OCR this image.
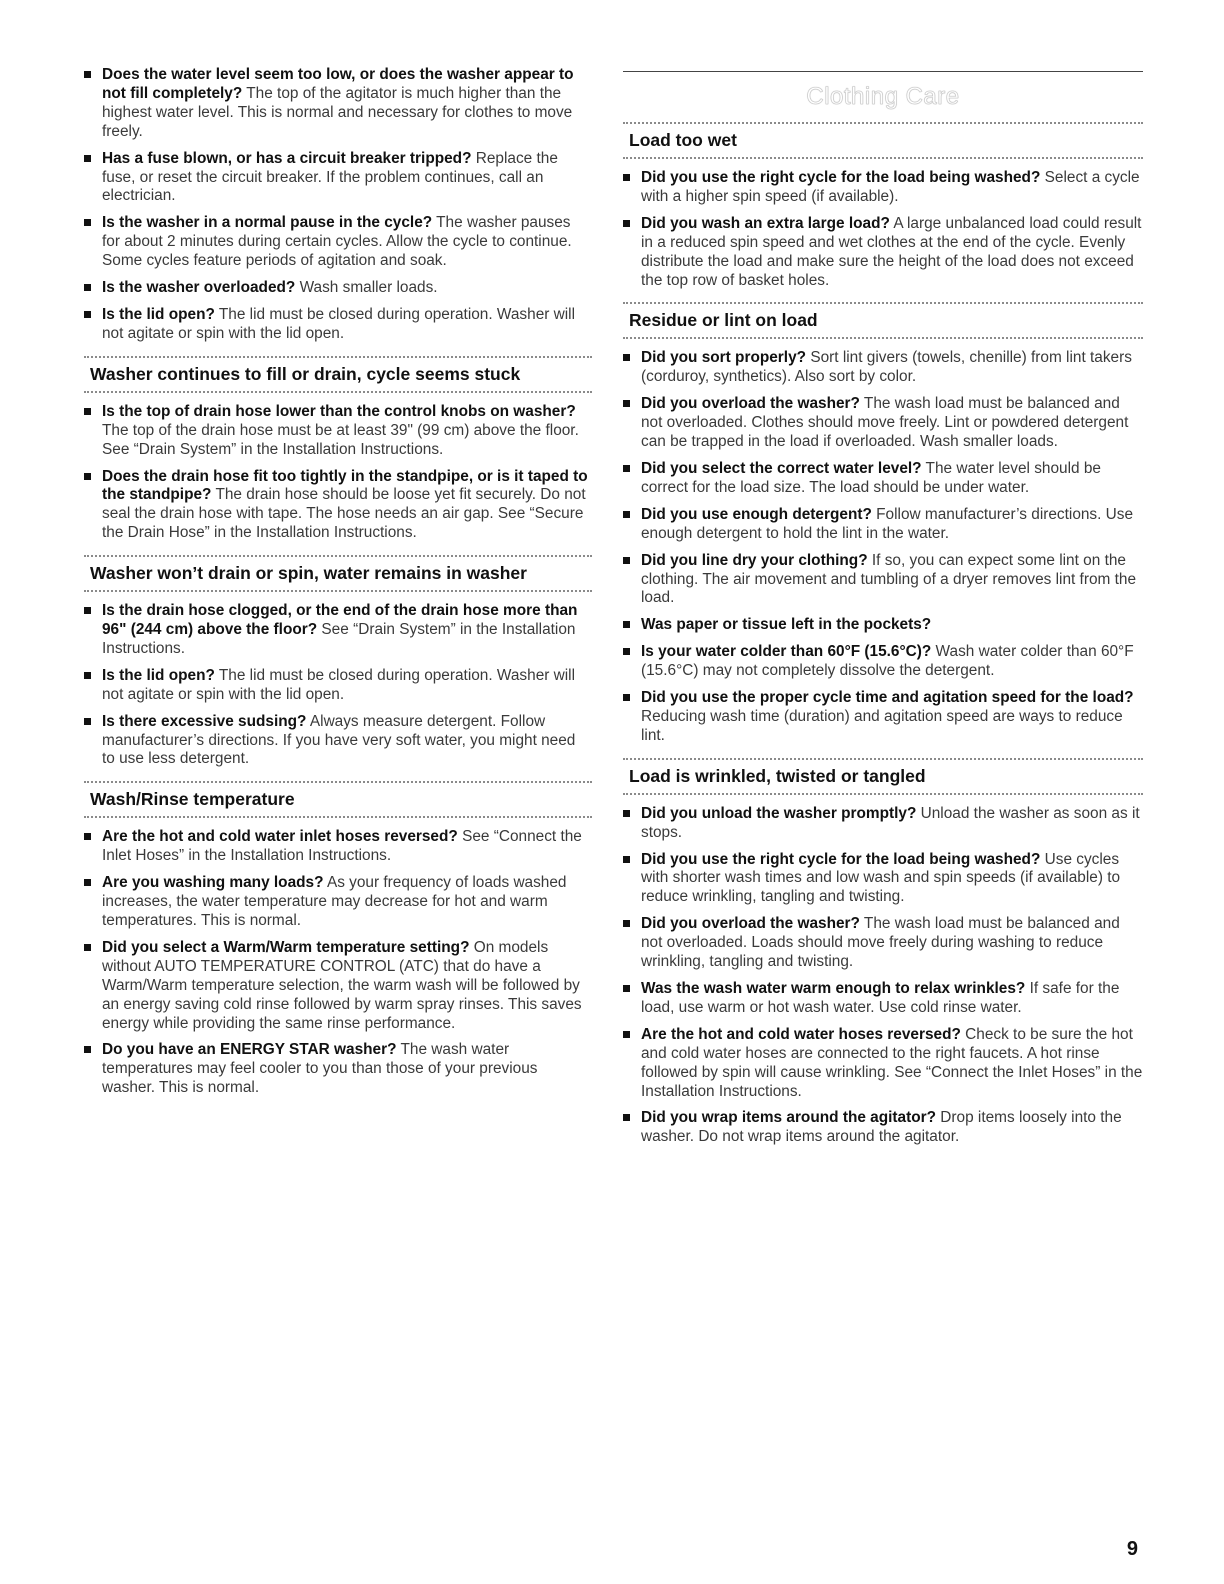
Does the water level seem too low, or does the washer appear to not fill completely? The top of the agitator is much higher than the highest water level. This is normal and necessary for clothes to move freely.
Has a fuse blown, or has a circuit breaker tripped? Replace the fuse, or reset the circuit breaker. If the problem continues, call an electrician.
Is the washer in a normal pause in the cycle? The washer pauses for about 2 minutes during certain cycles. Allow the cycle to continue. Some cycles feature periods of agitation and soak.
Is the washer overloaded? Wash smaller loads.
Is the lid open? The lid must be closed during operation. Washer will not agitate or spin with the lid open.
Washer continues to fill or drain, cycle seems stuck
Is the top of drain hose lower than the control knobs on washer? The top of the drain hose must be at least 39" (99 cm) above the floor. See “Drain System” in the Installation Instructions.
Does the drain hose fit too tightly in the standpipe, or is it taped to the standpipe? The drain hose should be loose yet fit securely. Do not seal the drain hose with tape. The hose needs an air gap. See “Secure the Drain Hose” in the Installation Instructions.
Washer won’t drain or spin, water remains in washer
Is the drain hose clogged, or the end of the drain hose more than 96" (244 cm) above the floor? See “Drain System” in the Installation Instructions.
Is the lid open? The lid must be closed during operation. Washer will not agitate or spin with the lid open.
Is there excessive sudsing? Always measure detergent. Follow manufacturer’s directions. If you have very soft water, you might need to use less detergent.
Wash/Rinse temperature
Are the hot and cold water inlet hoses reversed? See “Connect the Inlet Hoses” in the Installation Instructions.
Are you washing many loads? As your frequency of loads washed increases, the water temperature may decrease for hot and warm temperatures. This is normal.
Did you select a Warm/Warm temperature setting? On models without AUTO TEMPERATURE CONTROL (ATC) that do have a Warm/Warm temperature selection, the warm wash will be followed by an energy saving cold rinse followed by warm spray rinses. This saves energy while providing the same rinse performance.
Do you have an ENERGY STAR washer? The wash water temperatures may feel cooler to you than those of your previous washer. This is normal.
Clothing Care
Load too wet
Did you use the right cycle for the load being washed? Select a cycle with a higher spin speed (if available).
Did you wash an extra large load? A large unbalanced load could result in a reduced spin speed and wet clothes at the end of the cycle. Evenly distribute the load and make sure the height of the load does not exceed the top row of basket holes.
Residue or lint on load
Did you sort properly? Sort lint givers (towels, chenille) from lint takers (corduroy, synthetics). Also sort by color.
Did you overload the washer? The wash load must be balanced and not overloaded. Clothes should move freely. Lint or powdered detergent can be trapped in the load if overloaded. Wash smaller loads.
Did you select the correct water level? The water level should be correct for the load size. The load should be under water.
Did you use enough detergent? Follow manufacturer’s directions. Use enough detergent to hold the lint in the water.
Did you line dry your clothing? If so, you can expect some lint on the clothing. The air movement and tumbling of a dryer removes lint from the load.
Was paper or tissue left in the pockets?
Is your water colder than 60°F (15.6°C)? Wash water colder than 60°F (15.6°C) may not completely dissolve the detergent.
Did you use the proper cycle time and agitation speed for the load? Reducing wash time (duration) and agitation speed are ways to reduce lint.
Load is wrinkled, twisted or tangled
Did you unload the washer promptly? Unload the washer as soon as it stops.
Did you use the right cycle for the load being washed? Use cycles with shorter wash times and low wash and spin speeds (if available) to reduce wrinkling, tangling and twisting.
Did you overload the washer? The wash load must be balanced and not overloaded. Loads should move freely during washing to reduce wrinkling, tangling and twisting.
Was the wash water warm enough to relax wrinkles? If safe for the load, use warm or hot wash water. Use cold rinse water.
Are the hot and cold water hoses reversed? Check to be sure the hot and cold water hoses are connected to the right faucets. A hot rinse followed by spin will cause wrinkling. See “Connect the Inlet Hoses” in the Installation Instructions.
Did you wrap items around the agitator? Drop items loosely into the washer. Do not wrap items around the agitator.
9
